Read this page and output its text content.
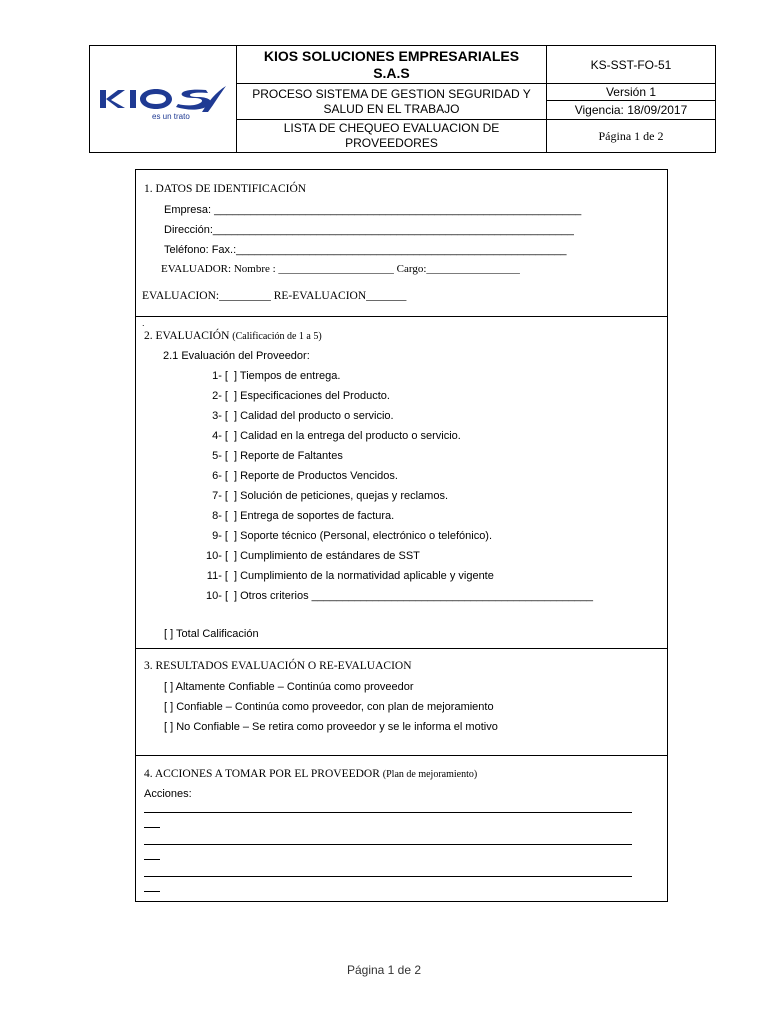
es un trato
KIOS SOLUCIONES EMPRESARIALES
S.A.S	KS-SST-FO-51
PROCESO SISTEMA DE GESTION SEGURIDAD Y
SALUD EN EL TRABAJO
Versión 1
Vigencia: 18/09/2017
LISTA DE CHEQUEO EVALUACION DE
PROVEEDORES
Página 1 de 2
1. DATOS DE IDENTIFICACIÓN
Empresa: ____________________________________________________________
Dirección:___________________________________________________________
Teléfono: Fax.:______________________________________________________
EVALUADOR: Nombre : _____________________ Cargo:_________________
EVALUACION:_________ RE-EVALUACION_______
.
2. EVALUACIÓN (Calificación de 1 a 5)
2.1 Evaluación del Proveedor:
1- [ ] Tiempos de entrega.
2- [ ] Especificaciones del Producto.
3- [ ] Calidad del producto o servicio.
4- [ ] Calidad en la entrega del producto o servicio.
5- [ ] Reporte de Faltantes
6- [ ] Reporte de Productos Vencidos.
7- [ ] Solución de peticiones, quejas y reclamos.
8- [ ] Entrega de soportes de factura.
9- [ ] Soporte técnico (Personal, electrónico o telefónico).
10- [ ] Cumplimiento de estándares de SST
11- [ ] Cumplimiento de la normatividad aplicable y vigente
10- [ ] Otros criterios ______________________________________________
[ ] Total Calificación
3. RESULTADOS EVALUACIÓN O RE-EVALUACION
[ ] Altamente Confiable – Continúa como proveedor
[ ] Confiable – Continúa como proveedor, con plan de mejoramiento
[ ] No Confiable – Se retira como proveedor y se le informa el motivo
4. ACCIONES A TOMAR POR EL PROVEEDOR (Plan de mejoramiento)
Acciones:
Página 1 de 2
